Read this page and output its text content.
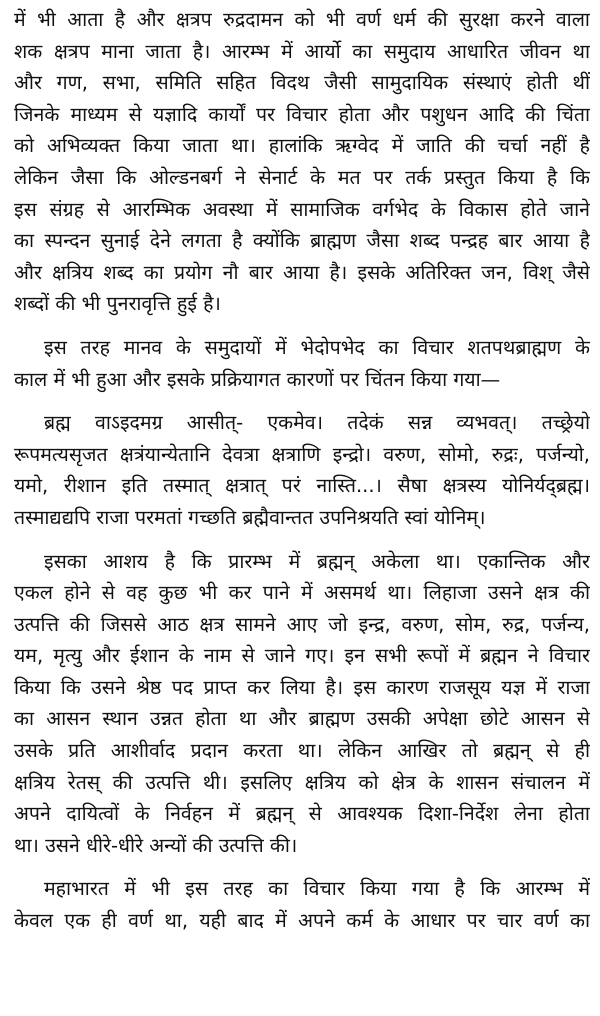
में भी आता है और क्षत्रप रुद्रदामन को भी वर्ण धर्म की सुरक्षा करने वाला
शक क्षत्रप माना जाता है। आरम्भ में आर्यो का समुदाय आधारित जीवन था
और गण, सभा, समिति सहित विदथ जैसी सामुदायिक संस्थाएं होती थीं
जिनके माध्यम से यज्ञादि कार्यों पर विचार होता और पशुधन आदि की चिंता
को अभिव्यक्त किया जाता था। हालांकि ऋग्वेद में जाति की चर्चा नहीं है
लेकिन जैसा कि ओल्डनबर्ग ने सेनार्ट के मत पर तर्क प्रस्तुत किया है कि
इस संग्रह से आरम्भिक अवस्था में सामाजिक वर्गभेद के विकास होते जाने
का स्पन्दन सुनाई देने लगता है क्योंकि ब्राह्मण जैसा शब्द पन्द्रह बार आया है
और क्षत्रिय शब्द का प्रयोग नौ बार आया है। इसके अतिरिक्त जन, विश् जैसे
शब्दों की भी पुनरावृत्ति हुई है।
इस तरह मानव के समुदायों में भेदोपभेद का विचार शतपथब्राह्मण के
काल में भी हुआ और इसके प्रक्रियागत कारणों पर चिंतन किया गया—
ब्रह्म वाऽइदमग्र आसीत्- एकमेव। तदेकं सन्न व्यभवत्। तच्छ्रेयो
रूपमत्यसृजत क्षत्रंयान्येतानि देवत्रा क्षत्राणि इन्द्रो। वरुण, सोमो, रुद्रः, पर्जन्यो,
यमो, रीशान इति तस्मात् क्षत्रात् परं नास्ति...। सैषा क्षत्रस्य योनिर्यद्ब्रह्म।
तस्माद्यद्यपि राजा परमतां गच्छति ब्रह्मैवान्तत उपनिश्रयति स्वां योनिम्।
इसका आशय है कि प्रारम्भ में ब्रह्मन् अकेला था। एकान्तिक और
एकल होने से वह कुछ भी कर पाने में असमर्थ था। लिहाजा उसने क्षत्र की
उत्पत्ति की जिससे आठ क्षत्र सामने आए जो इन्द्र, वरुण, सोम, रुद्र, पर्जन्य,
यम, मृत्यु और ईशान के नाम से जाने गए। इन सभी रूपों में ब्रह्मन ने विचार
किया कि उसने श्रेष्ठ पद प्राप्त कर लिया है। इस कारण राजसूय यज्ञ में राजा
का आसन स्थान उन्नत होता था और ब्राह्मण उसकी अपेक्षा छोटे आसन से
उसके प्रति आशीर्वाद प्रदान करता था। लेकिन आखिर तो ब्रह्मन् से ही
क्षत्रिय रेतस् की उत्पत्ति थी। इसलिए क्षत्रिय को क्षेत्र के शासन संचालन में
अपने दायित्वों के निर्वहन में ब्रह्मन् से आवश्यक दिशा-निर्देश लेना होता
था। उसने धीरे-धीरे अन्यों की उत्पत्ति की।
महाभारत में भी इस तरह का विचार किया गया है कि आरम्भ में
केवल एक ही वर्ण था, यही बाद में अपने कर्म के आधार पर चार वर्ण का
